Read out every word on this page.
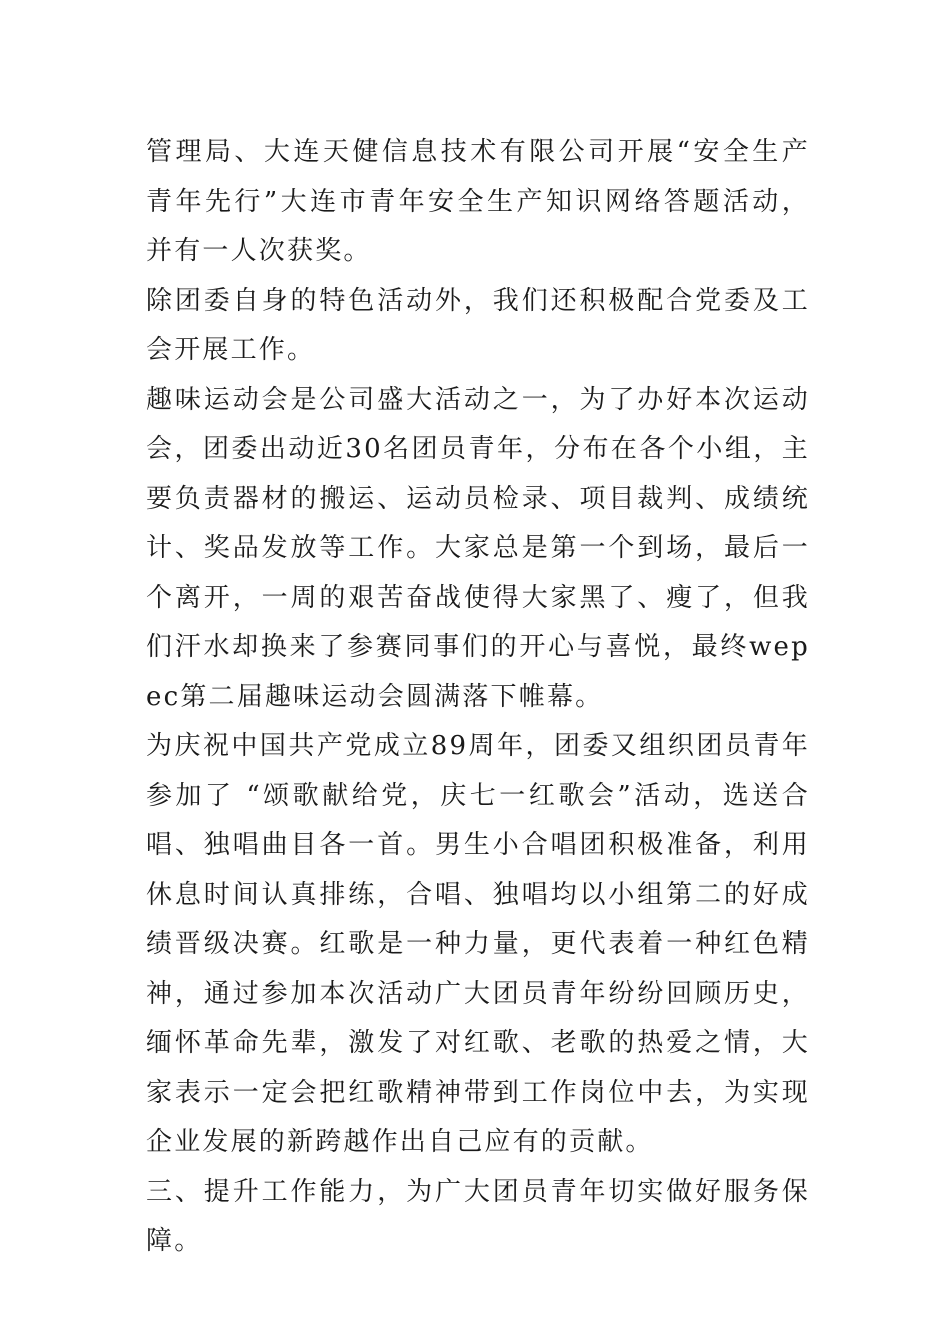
管理局、大连天健信息技术有限公司开展“安全生产青年先行”大连市青年安全生产知识网络答题活动，并有一人次获奖。

除团委自身的特色活动外，我们还积极配合党委及工会开展工作。

趣味运动会是公司盛大活动之一，为了办好本次运动会，团委出动近30名团员青年，分布在各个小组，主要负责器材的搬运、运动员检录、项目裁判、成绩统计、奖品发放等工作。大家总是第一个到场，最后一个离开，一周的艰苦奋战使得大家黑了、瘦了，但我们汗水却换来了参赛同事们的开心与喜悦，最终wepec第二届趣味运动会圆满落下帷幕。

为庆祝中国共产党成立89周年，团委又组织团员青年参加了 “颂歌献给党，庆七一红歌会”活动，选送合唱、独唱曲目各一首。男生小合唱团积极准备，利用休息时间认真排练，合唱、独唱均以小组第二的好成绩晋级决赛。红歌是一种力量，更代表着一种红色精神，通过参加本次活动广大团员青年纷纷回顾历史，缅怀革命先辈，激发了对红歌、老歌的热爱之情，大家表示一定会把红歌精神带到工作岗位中去，为实现企业发展的新跨越作出自己应有的贡献。

三、提升工作能力，为广大团员青年切实做好服务保障。
